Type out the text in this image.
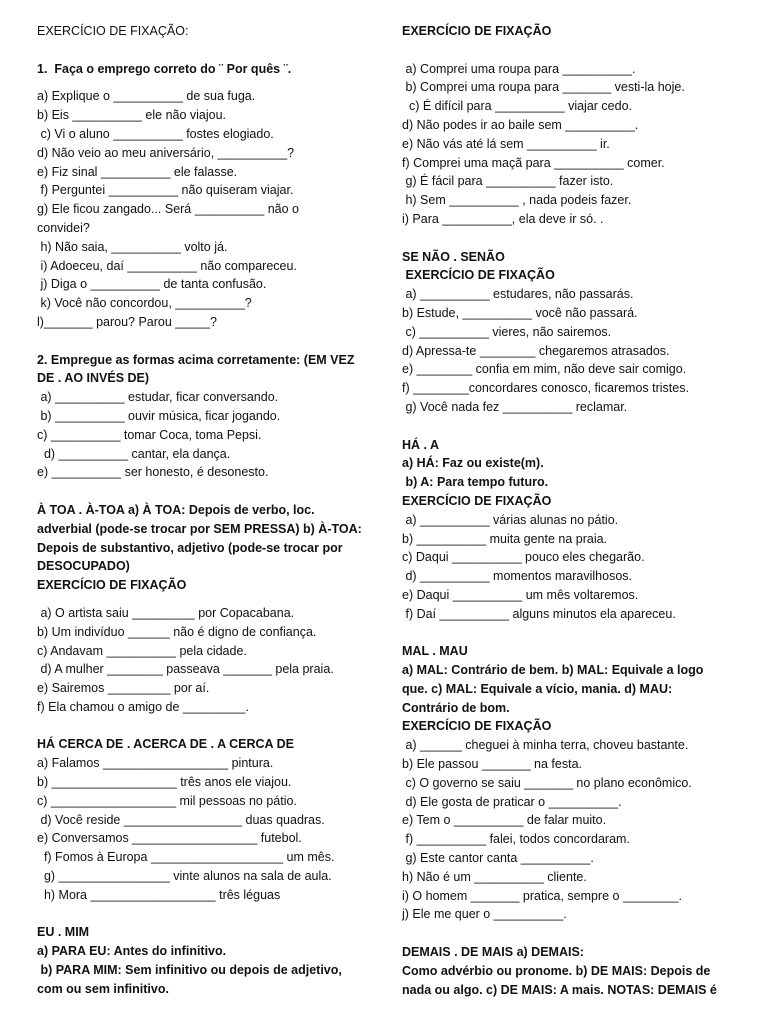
EXERCÍCIO DE FIXAÇÃO:
1.  Faça o emprego correto do ¨ Por quês ¨.
a) Explique o __________ de sua fuga.
b) Eis __________ ele não viajou.
c) Vi o aluno __________ fostes elogiado.
d) Não veio ao meu aniversário, __________?
e) Fiz sinal __________ ele falasse.
f) Perguntei __________ não quiseram viajar.
g) Ele ficou zangado... Será __________ não o
convidei?
h) Não saia, __________ volto já.
i) Adoeceu, daí __________ não compareceu.
j) Diga o __________ de tanta confusão.
k) Você não concordou, __________?
l)_______ parou? Parou _____?
2. Empregue as formas acima corretamente: (EM VEZ
DE . AO INVÉS DE)
a) __________ estudar, ficar conversando.
b) __________ ouvir música, ficar jogando.
c) __________ tomar Coca, toma Pepsi.
d) __________ cantar, ela dança.
e) __________ ser honesto, é desonesto.
À TOA . À-TOA a) À TOA: Depois de verbo, loc.
adverbial (pode-se trocar por SEM PRESSA) b) À-TOA:
Depois de substantivo, adjetivo (pode-se trocar por
DESOCUPADO)
EXERCÍCIO DE FIXAÇÃO
a) O artista saiu _________ por Copacabana.
b) Um indivíduo ______ não é digno de confiança.
c) Andavam __________ pela cidade.
d) A mulher ________ passeava _______ pela praia.
e) Sairemos _________ por aí.
f) Ela chamou o amigo de _________.
HÁ CERCA DE . ACERCA DE . A CERCA DE
a) Falamos __________________ pintura.
b) __________________ três anos ele viajou.
c) __________________ mil pessoas no pátio.
d) Você reside _________________ duas quadras.
e) Conversamos __________________ futebol.
f) Fomos à Europa ___________________ um mês.
g) ________________ vinte alunos na sala de aula.
h) Mora __________________ três léguas
EU . MIM
a) PARA EU: Antes do infinitivo.
b) PARA MIM: Sem infinitivo ou depois de adjetivo,
com ou sem infinitivo.
EXERCÍCIO DE FIXAÇÃO
a) Comprei uma roupa para __________.
b) Comprei uma roupa para _______ vesti-la hoje.
c) É difícil para __________ viajar cedo.
d) Não podes ir ao baile sem __________.
e) Não vás até lá sem __________ ir.
f) Comprei uma maçã para __________ comer.
g) É fácil para __________ fazer isto.
h) Sem __________ , nada podeis fazer.
i) Para __________, ela deve ir só. .
SE NÃO . SENÃO
EXERCÍCIO DE FIXAÇÃO
a) __________ estudares, não passarás.
b) Estude, __________ você não passará.
c) __________ vieres, não sairemos.
d) Apressa-te ________ chegaremos atrasados.
e) ________ confia em mim, não deve sair comigo.
f) ________concordares conosco, ficaremos tristes.
g) Você nada fez __________ reclamar.
HÁ . A
a) HÁ: Faz ou existe(m).
b) A: Para tempo futuro.
EXERCÍCIO DE FIXAÇÃO
a) __________ várias alunas no pátio.
b) __________ muita gente na praia.
c) Daqui __________ pouco eles chegarão.
d) __________ momentos maravilhosos.
e) Daqui __________ um mês voltaremos.
f) Daí __________ alguns minutos ela apareceu.
MAL . MAU
a) MAL: Contrário de bem. b) MAL: Equivale a logo
que. c) MAL: Equivale a vício, mania. d) MAU:
Contrário de bom.
EXERCÍCIO DE FIXAÇÃO
a) ______ cheguei à minha terra, choveu bastante.
b) Ele passou _______ na festa.
c) O governo se saiu _______ no plano econômico.
d) Ele gosta de praticar o __________.
e) Tem o __________ de falar muito.
f) __________ falei, todos concordaram.
g) Este cantor canta __________.
h) Não é um __________ cliente.
i) O homem _______ pratica, sempre o ________.
j) Ele me quer o __________.
DEMAIS . DE MAIS a) DEMAIS:
Como advérbio ou pronome. b) DE MAIS: Depois de
nada ou algo. c) DE MAIS: A mais. NOTAS: DEMAIS é
